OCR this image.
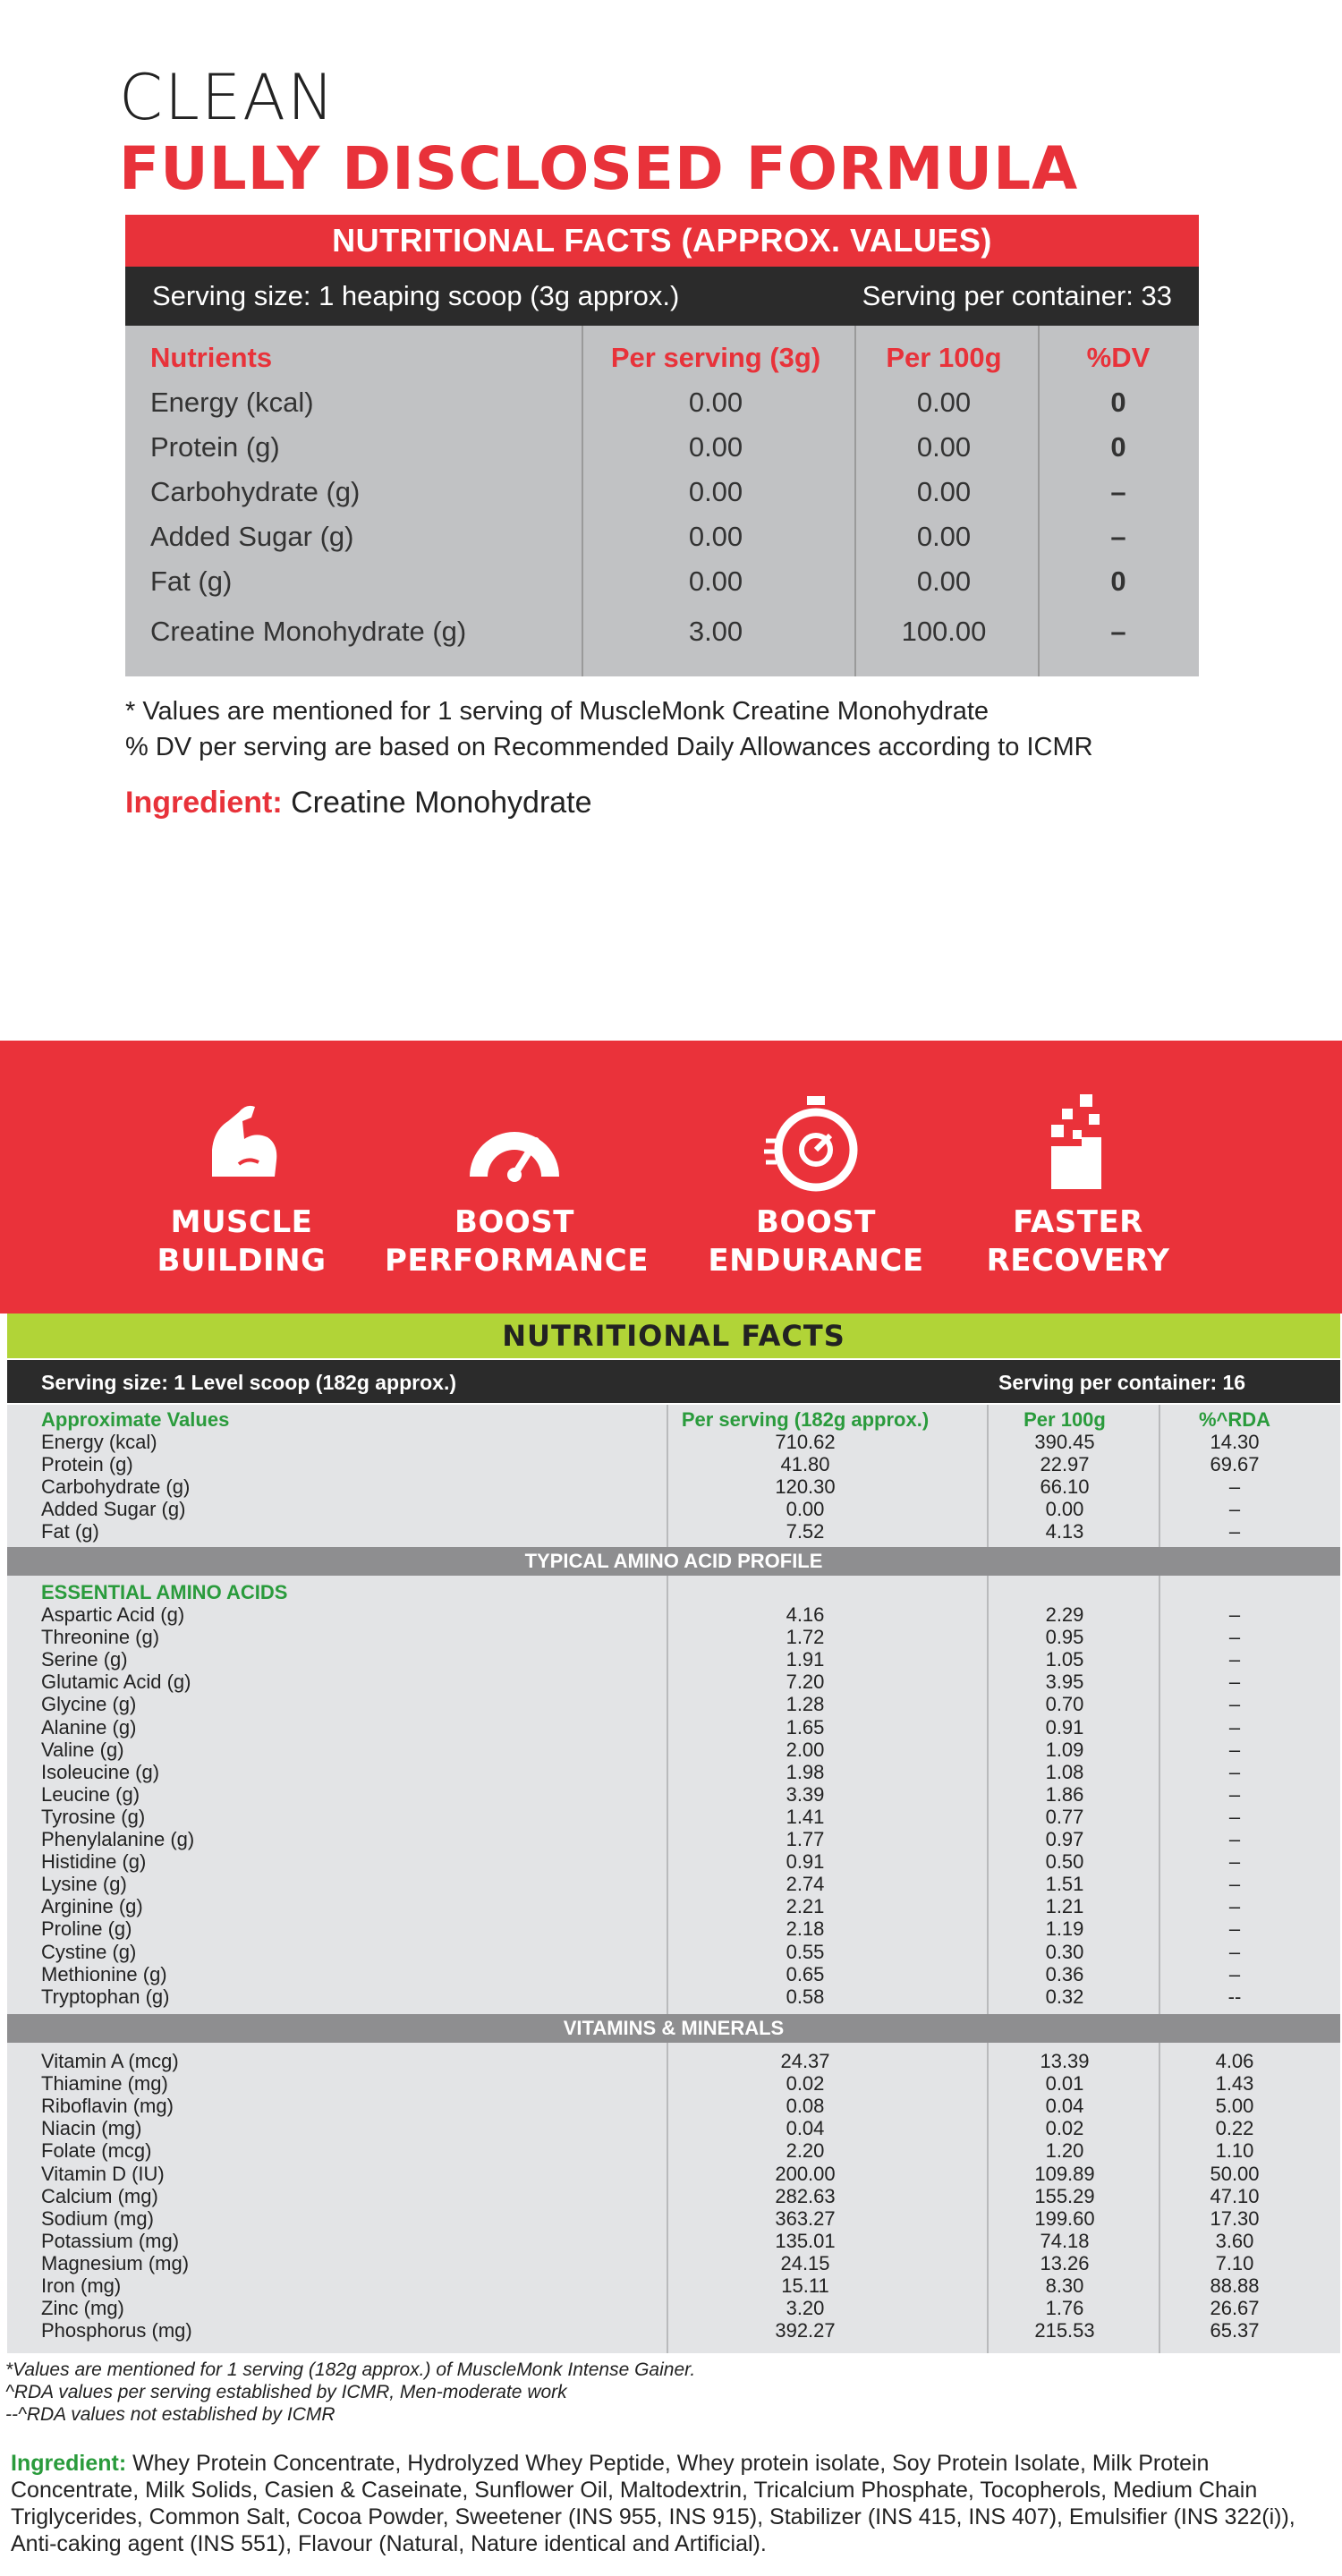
CLEAN
FULLY DISCLOSED FORMULA
NUTRITIONAL FACTS (APPROX. VALUES)
Serving size: 1 heaping scoop (3g approx.)	Serving per container: 33
Nutrients	Per serving (3g)	Per 100g	%DV
Energy (kcal)	0.00	0.00	0
Protein (g)	0.00	0.00	0
Carbohydrate (g)	0.00	0.00	–
Added Sugar (g)	0.00	0.00	–
Fat (g)	0.00	0.00	0
Creatine Monohydrate (g)	3.00	100.00	–
* Values are mentioned for 1 serving of MuscleMonk Creatine Monohydrate
% DV per serving are based on Recommended Daily Allowances according to ICMR
Ingredient: Creatine Monohydrate
MUSCLE
BUILDING
BOOST
PERFORMANCE
BOOST
ENDURANCE
FASTER
RECOVERY
NUTRITIONAL FACTS
Serving size: 1 Level scoop (182g approx.)	Serving per container: 16
TYPICAL AMINO ACID PROFILE
VITAMINS & MINERALS
Approximate Values	Per serving (182g approx.)	Per 100g	%^RDA
Energy (kcal)	710.62	390.45	14.30
Protein (g)	41.80	22.97	69.67
Carbohydrate (g)	120.30	66.10	–
Added Sugar (g)	0.00	0.00	–
Fat (g)	7.52	4.13	–
ESSENTIAL AMINO ACIDS
Aspartic Acid (g)	4.16	2.29	–
Threonine (g)	1.72	0.95	–
Serine (g)	1.91	1.05	–
Glutamic Acid (g)	7.20	3.95	–
Glycine (g)	1.28	0.70	–
Alanine (g)	1.65	0.91	–
Valine (g)	2.00	1.09	–
Isoleucine (g)	1.98	1.08	–
Leucine (g)	3.39	1.86	–
Tyrosine (g)	1.41	0.77	–
Phenylalanine (g)	1.77	0.97	–
Histidine (g)	0.91	0.50	–
Lysine (g)	2.74	1.51	–
Arginine (g)	2.21	1.21	–
Proline (g)	2.18	1.19	–
Cystine (g)	0.55	0.30	–
Methionine (g)	0.65	0.36	–
Tryptophan (g)	0.58	0.32	--
Vitamin A (mcg)	24.37	13.39	4.06
Thiamine (mg)	0.02	0.01	1.43
Riboflavin (mg)	0.08	0.04	5.00
Niacin (mg)	0.04	0.02	0.22
Folate (mcg)	2.20	1.20	1.10
Vitamin D (IU)	200.00	109.89	50.00
Calcium (mg)	282.63	155.29	47.10
Sodium (mg)	363.27	199.60	17.30
Potassium (mg)	135.01	74.18	3.60
Magnesium (mg)	24.15	13.26	7.10
Iron (mg)	15.11	8.30	88.88
Zinc (mg)	3.20	1.76	26.67
Phosphorus (mg)	392.27	215.53	65.37
*Values are mentioned for 1 serving (182g approx.) of MuscleMonk Intense Gainer.
^RDA values per serving established by ICMR, Men-moderate work
--^RDA values not established by ICMR
Ingredient: Whey Protein Concentrate, Hydrolyzed Whey Peptide, Whey protein isolate, Soy Protein Isolate, Milk Protein Concentrate, Milk Solids, Casien & Caseinate, Sunflower Oil, Maltodextrin, Tricalcium Phosphate, Tocopherols, Medium Chain Triglycerides, Common Salt, Cocoa Powder, Sweetener (INS 955, INS 915), Stabilizer (INS 415, INS 407), Emulsifier (INS 322(i)), Anti-caking agent (INS 551), Flavour (Natural, Nature identical and Artificial).
